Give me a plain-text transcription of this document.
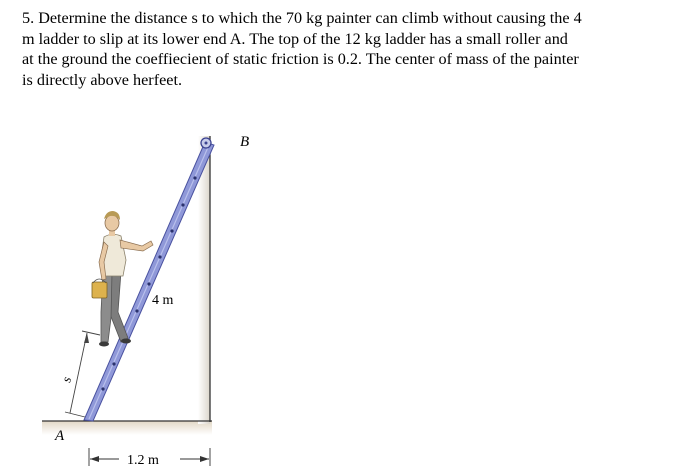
5. Determine the distance s to which the 70 kg painter can climb without causing the 4
m ladder to slip at its lower end A. The top of the 12 kg ladder has a small roller and
at the ground the coeffiecient of static friction is 0.2. The center of mass of the painter
is directly above herfeet.
B
4 m
s
A
1.2 m
